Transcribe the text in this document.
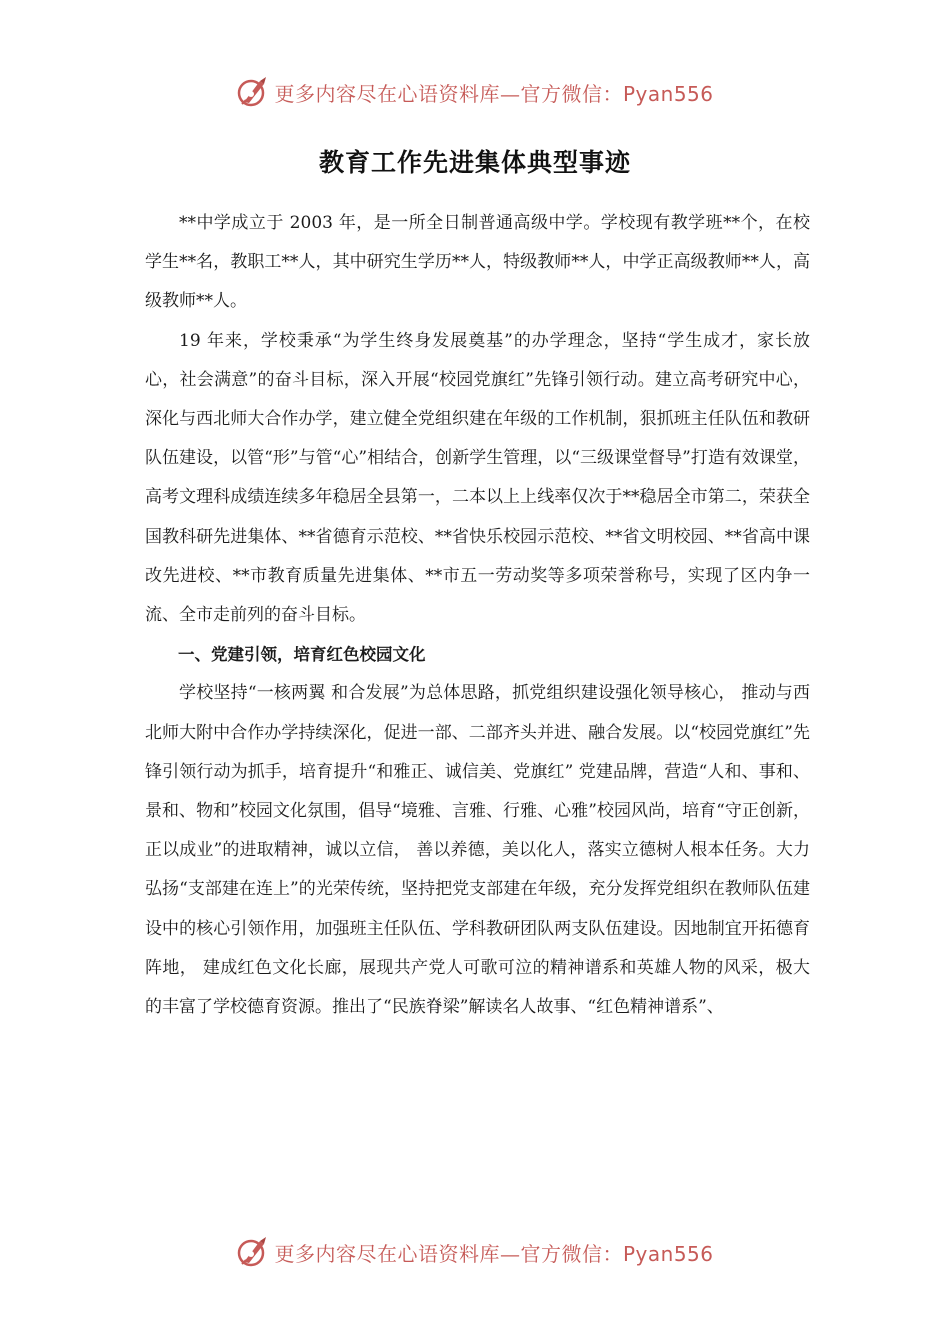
更多内容尽在心语资料库—官方微信：Pyan556
教育工作先进集体典型事迹

**中学成立于 2003 年，是一所全日制普通高级中学。学校现有教学班**个，在校学生**名，教职工**人，其中研究生学历**人，特级教师**人，中学正高级教师**人，高级教师**人。

19 年来，学校秉承“为学生终身发展奠基”的办学理念，坚持“学生成才，家长放心，社会满意”的奋斗目标，深入开展“校园党旗红”先锋引领行动。建立高考研究中心，深化与西北师大合作办学，建立健全党组织建在年级的工作机制，狠抓班主任队伍和教研队伍建设，以管“形”与管“心”相结合，创新学生管理，以“三级课堂督导”打造有效课堂，高考文理科成绩连续多年稳居全县第一，二本以上上线率仅次于**稳居全市第二，荣获全国教科研先进集体、**省德育示范校、**省快乐校园示范校、**省文明校园、**省高中课改先进校、**市教育质量先进集体、**市五一劳动奖等多项荣誉称号，实现了区内争一流、全市走前列的奋斗目标。

一、党建引领，培育红色校园文化

学校坚持“一核两翼 和合发展”为总体思路，抓党组织建设强化领导核心， 推动与西北师大附中合作办学持续深化，促进一部、二部齐头并进、融合发展。以“校园党旗红”先锋引领行动为抓手，培育提升“和雅正、诚信美、党旗红” 党建品牌，营造“人和、事和、景和、物和”校园文化氛围，倡导“境雅、言雅、行雅、心雅”校园风尚，培育“守正创新，正以成业”的进取精神，诚以立信， 善以养德，美以化人，落实立德树人根本任务。大力弘扬“支部建在连上”的光荣传统，坚持把党支部建在年级，充分发挥党组织在教师队伍建设中的核心引领作用，加强班主任队伍、学科教研团队两支队伍建设。因地制宜开拓德育阵地， 建成红色文化长廊，展现共产党人可歌可泣的精神谱系和英雄人物的风采，极大的丰富了学校德育资源。推出了“民族脊梁”解读名人故事、“红色精神谱系”、

更多内容尽在心语资料库—官方微信：Pyan556
